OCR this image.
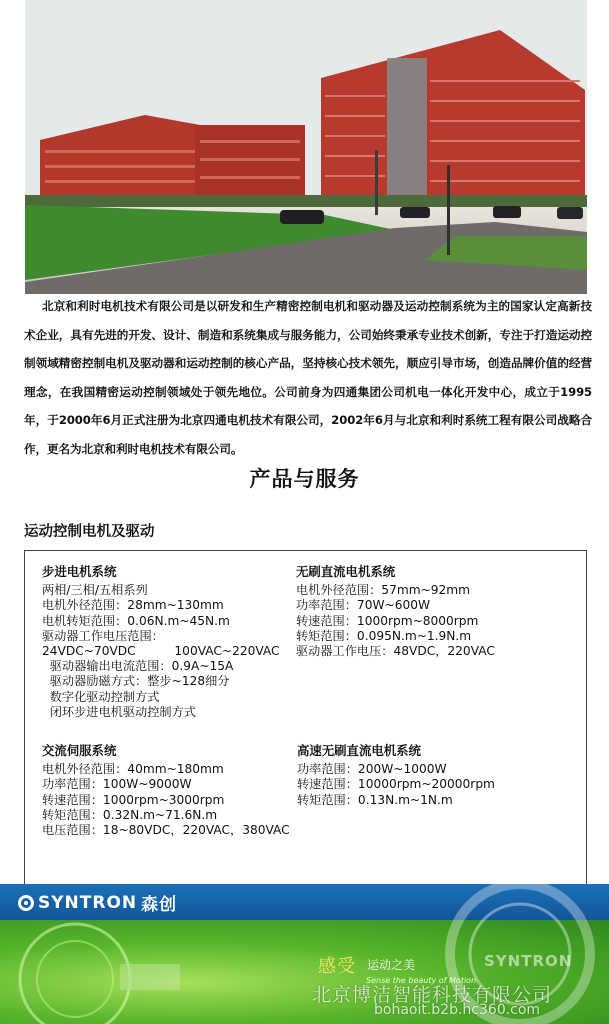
北京和利时电机技术有限公司是以研发和生产精密控制电机和驱动器及运动控制系统为主的国家认定高新技术企业，具有先进的开发、设计、制造和系统集成与服务能力，公司始终秉承专业技术创新，专注于打造运动控制领域精密控制电机及驱动器和运动控制的核心产品，坚持核心技术领先，顺应引导市场，创造品牌价值的经营理念，在我国精密运动控制领域处于领先地位。公司前身为四通集团公司机电一体化开发中心，成立于1995年，于2000年6月正式注册为北京四通电机技术有限公司，2002年6月与北京和利时系统工程有限公司战略合作，更名为北京和利时电机技术有限公司。
产品与服务
运动控制电机及驱动
步进电机系统
两相/三相/五相系列
电机外径范围：28mm~130mm
电机转矩范围：0.06N.m~45N.m
驱动器工作电压范围：
24VDC~70VDC          100VAC~220VAC
驱动器输出电流范围：0.9A~15A
驱动器励磁方式：整步~128细分
数字化驱动控制方式
闭环步进电机驱动控制方式
无刷直流电机系统
电机外径范围：57mm~92mm
功率范围：70W~600W
转速范围：1000rpm~8000rpm
转矩范围：0.095N.m~1.9N.m
驱动器工作电压：48VDC，220VAC
交流伺服系统
电机外径范围：40mm~180mm
功率范围：100W~9000W
转速范围：1000rpm~3000rpm
转矩范围：0.32N.m~71.6N.m
电压范围：18~80VDC，220VAC，380VAC
高速无刷直流电机系统
功率范围：200W~1000W
转速范围：10000rpm~20000rpm
转矩范围：0.13N.m~1N.m
SYNTRON 森创
感受 运动之美
Sense the beauty of Motion
SYNTRON
北京博洁智能科技有限公司
bohaoit.b2b.hc360.com
